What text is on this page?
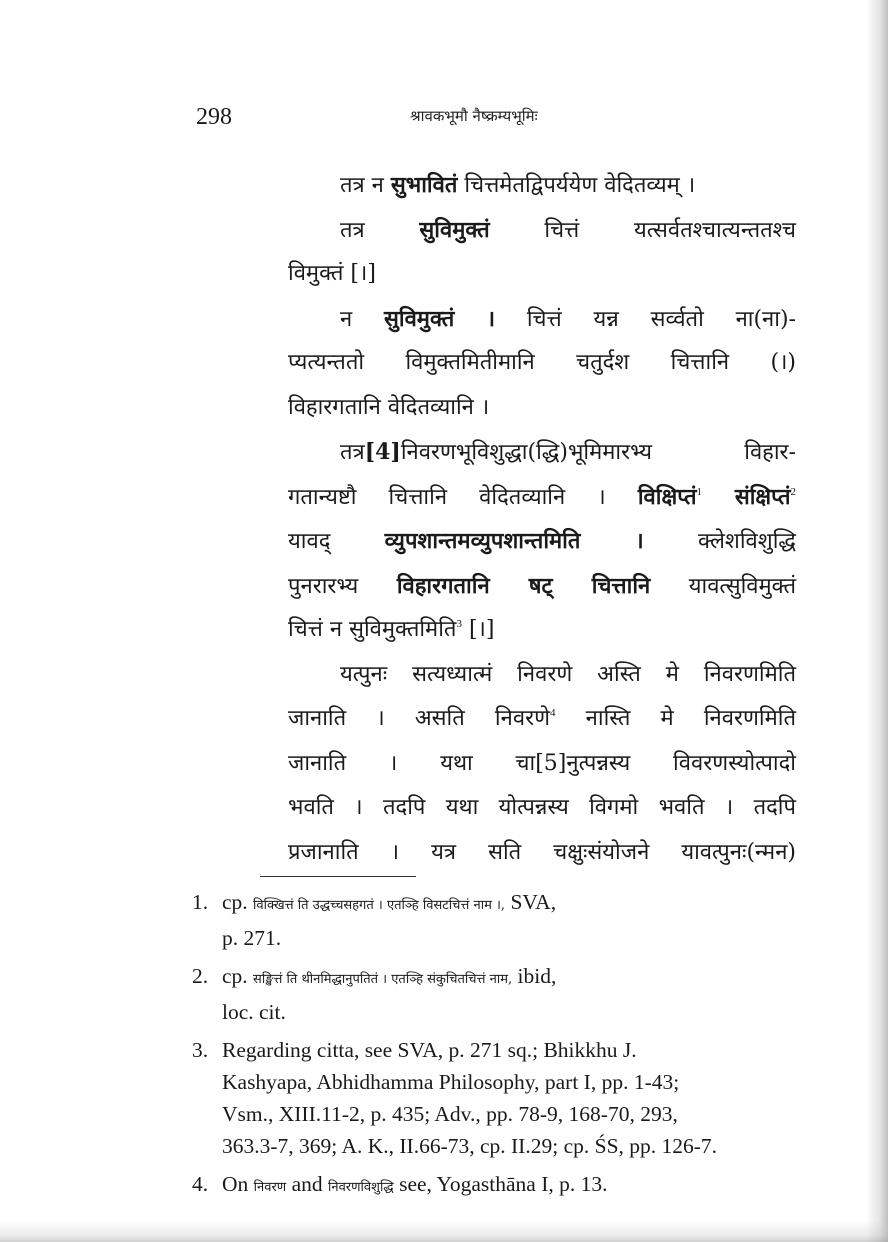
298	श्रावकभूमौ नैष्क्रम्यभूमिः
तत्र न सुभावितं चित्तमेतद्विपर्ययेण वेदितव्यम् ।
तत्र सुविमुक्तं चित्तं यत्सर्वतश्चात्यन्ततश्च
विमुक्तं [।]
न सुविमुक्तं । चित्तं यन्न सर्व्वतो ना(ना)-
प्यत्यन्ततो विमुक्तमितीमानि चतुर्दश चित्तानि (।)
विहारगतानि वेदितव्यानि ।
तत्र[4]निवरणभूविशुद्धा(द्धि)भूमिमारभ्य विहार-
गतान्यष्टौ चित्तानि वेदितव्यानि । विक्षिप्तं$^1$ संक्षिप्तं$^2$
यावद् व्युपशान्तमव्युपशान्तमिति । क्लेशविशुद्धि
पुनरारभ्य विहारगतानि षट् चित्तानि यावत्सुविमुक्तं
चित्तं न सुविमुक्तमिति$^3$ [।]
यत्पुनः सत्यध्यात्मं निवरणे अस्ति मे निवरणमिति
जानाति । असति निवरणे$^4$ नास्ति मे निवरणमिति
जानाति । यथा चा[5]नुत्पन्नस्य विवरणस्योत्पादो
भवति । तदपि यथा योत्पन्नस्य विगमो भवति । तदपि
प्रजानाति । यत्र सति चक्षुःसंयोजने यावत्पुनः(न्मन)
1. cp. विक्खित्तं ति उद्धच्चसहगतं । एतञ्हि विसटचित्तं नाम ।, SVA,
p. 271.
2. cp. सङ्खित्तं ति थीनमिद्धानुपतितं । एतञ्हि संकुचितचित्तं नाम, ibid,
loc. cit.
3. Regarding citta, see SVA, p. 271 sq.; Bhikkhu J.
Kashyapa, Abhidhamma Philosophy, part I, pp. 1-43;
Vsm., XIII.11-2, p. 435; Adv., pp. 78-9, 168-70, 293,
363.3-7, 369; A. K., II.66-73, cp. II.29; cp. ŚS, pp. 126-7.
4. On निवरण and निवरणविशुद्धि see, Yogasthāna I, p. 13.
